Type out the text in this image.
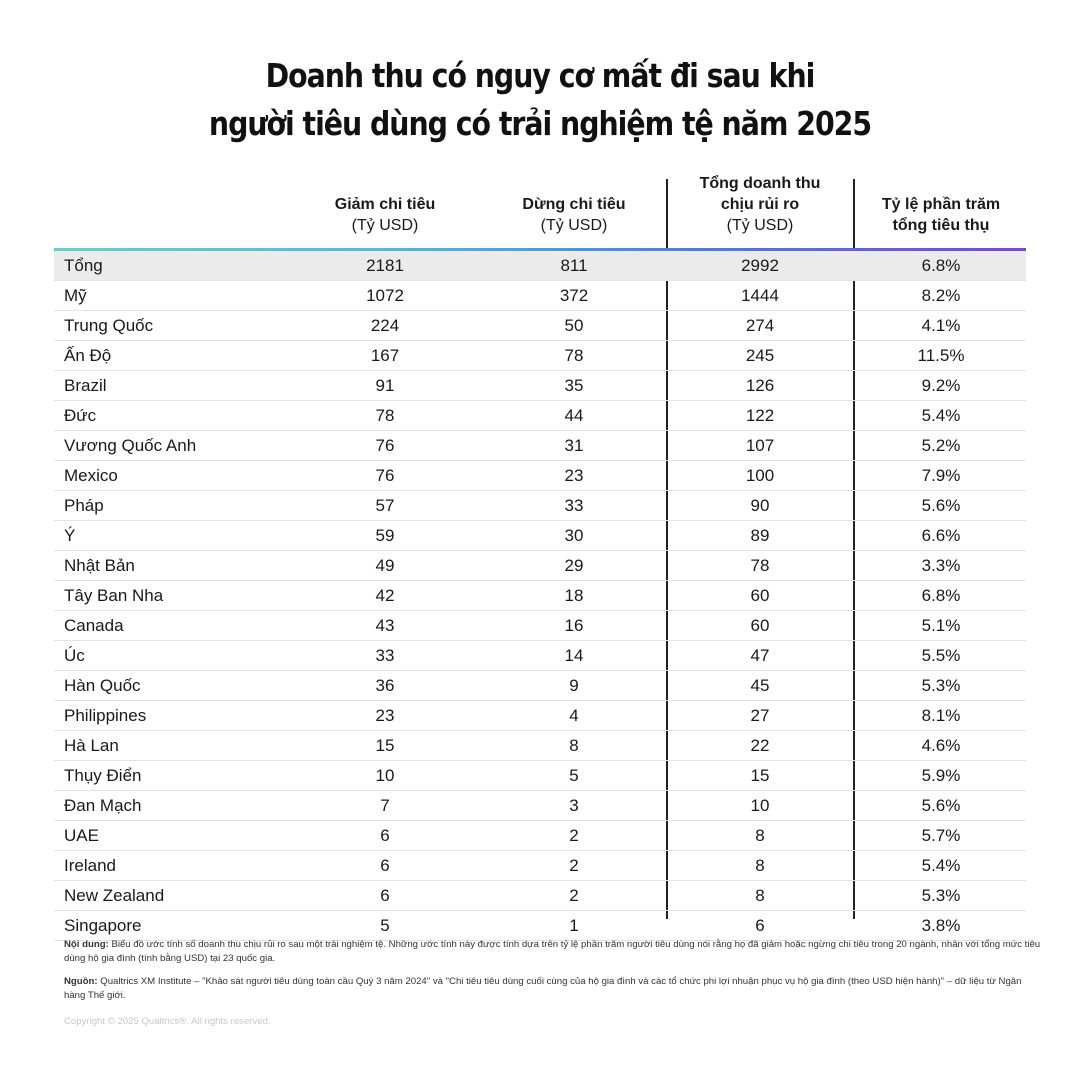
Doanh thu có nguy cơ mất đi sau khi
người tiêu dùng có trải nghiệm tệ năm 2025
Giảm chi tiêu
(Tỷ USD)
Dừng chi tiêu
(Tỷ USD)
Tổng doanh thu
chịu rủi ro
(Tỷ USD)
Tỷ lệ phần trăm
tổng tiêu thụ
Tổng	2181	811	2992	6.8%
Mỹ	1072	372	1444	8.2%
Trung Quốc	224	50	274	4.1%
Ấn Độ	167	78	245	11.5%
Brazil	91	35	126	9.2%
Đức	78	44	122	5.4%
Vương Quốc Anh	76	31	107	5.2%
Mexico	76	23	100	7.9%
Pháp	57	33	90	5.6%
Ý	59	30	89	6.6%
Nhật Bản	49	29	78	3.3%
Tây Ban Nha	42	18	60	6.8%
Canada	43	16	60	5.1%
Úc	33	14	47	5.5%
Hàn Quốc	36	9	45	5.3%
Philippines	23	4	27	8.1%
Hà Lan	15	8	22	4.6%
Thụy Điển	10	5	15	5.9%
Đan Mạch	7	3	10	5.6%
UAE	6	2	8	5.7%
Ireland	6	2	8	5.4%
New Zealand	6	2	8	5.3%
Singapore	5	1	6	3.8%
Nội dung: Biểu đồ ước tính số doanh thu chịu rủi ro sau một trải nghiệm tệ. Những ước tính này được tính dựa trên tỷ lệ phần trăm người tiêu dùng nói rằng họ đã giảm hoặc ngừng chi tiêu trong 20 ngành, nhân với tổng mức tiêu dùng hộ gia đình (tính bằng USD) tại 23 quốc gia.
Nguồn: Qualtrics XM Institute – "Khảo sát người tiêu dùng toàn cầu Quý 3 năm 2024" và "Chi tiêu tiêu dùng cuối cùng của hộ gia đình và các tổ chức phi lợi nhuận phục vụ hộ gia đình (theo USD hiện hành)" – dữ liệu từ Ngân hàng Thế giới.
Copyright © 2025 Qualtrics®. All rights reserved.
